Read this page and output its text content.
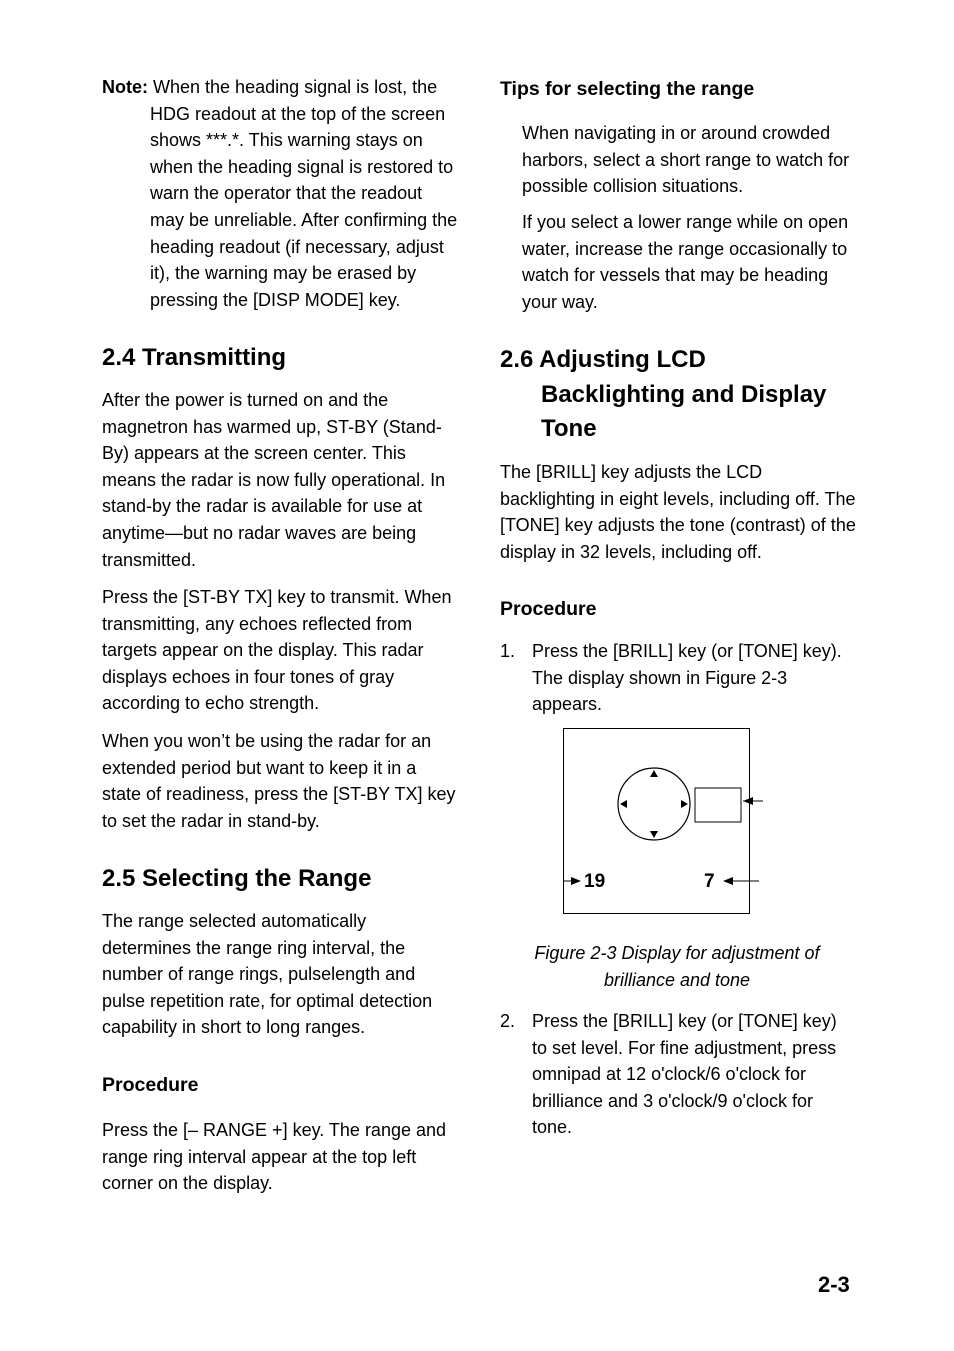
Note: When the heading signal is lost, the

HDG readout at the top of the screen shows ***.*. This warning stays on when the heading signal is restored to warn the operator that the readout may be unreliable. After confirming the heading readout (if necessary, adjust it), the warning may be erased by pressing the [DISP MODE] key.

2.4 Transmitting

After the power is turned on and the magnetron has warmed up, ST-BY (Stand-By) appears at the screen center. This means the radar is now fully operational. In stand-by the radar is available for use at anytime—but no radar waves are being transmitted.

Press the [ST-BY TX] key to transmit. When transmitting, any echoes reflected from targets appear on the display. This radar displays echoes in four tones of gray according to echo strength.

When you won’t be using the radar for an extended period but want to keep it in a state of readiness, press the [ST-BY TX] key to set the radar in stand-by.

2.5 Selecting the Range

The range selected automatically determines the range ring interval, the number of range rings, pulselength and pulse repetition rate, for optimal detection capability in short to long ranges.

Procedure

Press the [– RANGE +] key. The range and range ring interval appear at the top left corner on the display.

Tips for selecting the range

When navigating in or around crowded harbors, select a short range to watch for possible collision situations.

If you select a lower range while on open water, increase the range occasionally to watch for vessels that may be heading your way.

2.6 Adjusting LCD
Backlighting and Display
Tone

The [BRILL] key adjusts the LCD backlighting in eight levels, including off. The [TONE] key adjusts the tone (contrast) of the display in 32 levels, including off.

Procedure
1. Press the [BRILL] key (or [TONE] key). The display shown in Figure 2-3 appears.
19	7
Figure 2-3 Display for adjustment of
brilliance and tone
2. Press the [BRILL] key (or [TONE] key) to set level. For fine adjustment, press omnipad at 12 o'clock/6 o'clock for brilliance and 3 o'clock/9 o'clock for tone.
2-3
